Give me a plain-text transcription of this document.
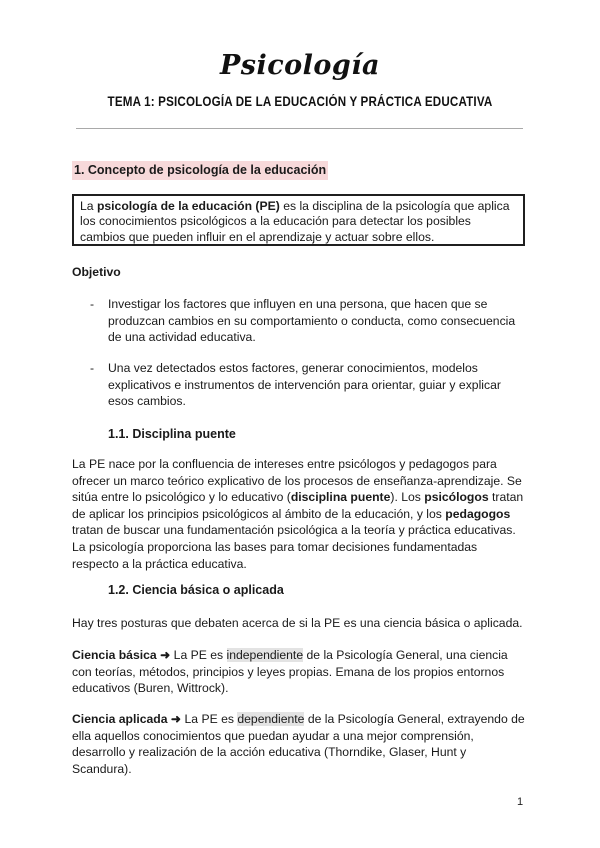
Psicología
TEMA 1: PSICOLOGÍA DE LA EDUCACIÓN Y PRÁCTICA EDUCATIVA
1. Concepto de psicología de la educación
La psicología de la educación (PE) es la disciplina de la psicología que aplica los conocimientos psicológicos a la educación para detectar los posibles cambios que pueden influir en el aprendizaje y actuar sobre ellos.
Objetivo
- Investigar los factores que influyen en una persona, que hacen que se produzcan cambios en su comportamiento o conducta, como consecuencia de una actividad educativa.
- Una vez detectados estos factores, generar conocimientos, modelos explicativos e instrumentos de intervención para orientar, guiar y explicar esos cambios.
1.1. Disciplina puente
La PE nace por la confluencia de intereses entre psicólogos y pedagogos para ofrecer un marco teórico explicativo de los procesos de enseñanza-aprendizaje. Se sitúa entre lo psicológico y lo educativo (disciplina puente). Los psicólogos tratan de aplicar los principios psicológicos al ámbito de la educación, y los pedagogos tratan de buscar una fundamentación psicológica a la teoría y práctica educativas. La psicología proporciona las bases para tomar decisiones fundamentadas respecto a la práctica educativa.
1.2. Ciencia básica o aplicada
Hay tres posturas que debaten acerca de si la PE es una ciencia básica o aplicada.
Ciencia básica ➜ La PE es independiente de la Psicología General, una ciencia con teorías, métodos, principios y leyes propias. Emana de los propios entornos educativos (Buren, Wittrock).
Ciencia aplicada ➜ La PE es dependiente de la Psicología General, extrayendo de ella aquellos conocimientos que puedan ayudar a una mejor comprensión, desarrollo y realización de la acción educativa (Thorndike, Glaser, Hunt y Scandura).
1
